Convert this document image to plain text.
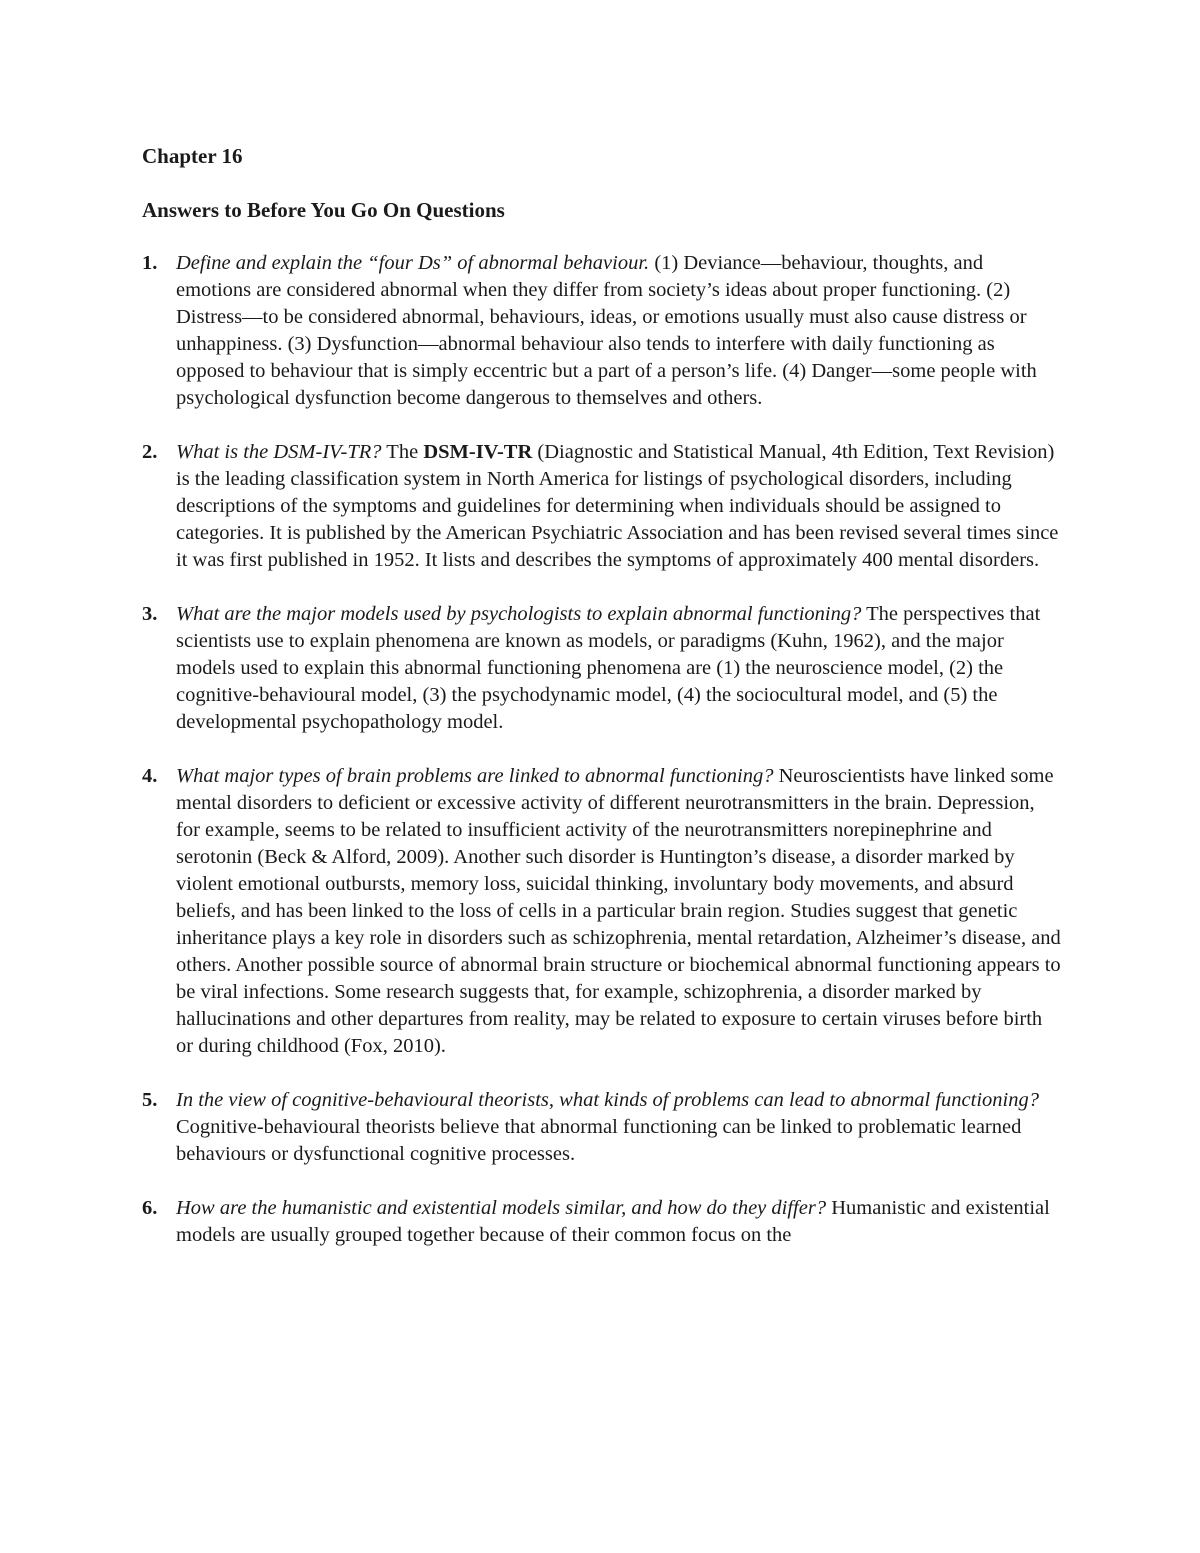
Chapter 16
Answers to Before You Go On Questions
1. Define and explain the “four Ds” of abnormal behaviour. (1) Deviance—behaviour, thoughts, and emotions are considered abnormal when they differ from society’s ideas about proper functioning. (2) Distress—to be considered abnormal, behaviours, ideas, or emotions usually must also cause distress or unhappiness. (3) Dysfunction—abnormal behaviour also tends to interfere with daily functioning as opposed to behaviour that is simply eccentric but a part of a person’s life. (4) Danger—some people with psychological dysfunction become dangerous to themselves and others.
2. What is the DSM-IV-TR? The DSM-IV-TR (Diagnostic and Statistical Manual, 4th Edition, Text Revision) is the leading classification system in North America for listings of psychological disorders, including descriptions of the symptoms and guidelines for determining when individuals should be assigned to categories. It is published by the American Psychiatric Association and has been revised several times since it was first published in 1952. It lists and describes the symptoms of approximately 400 mental disorders.
3. What are the major models used by psychologists to explain abnormal functioning? The perspectives that scientists use to explain phenomena are known as models, or paradigms (Kuhn, 1962), and the major models used to explain this abnormal functioning phenomena are (1) the neuroscience model, (2) the cognitive-behavioural model, (3) the psychodynamic model, (4) the sociocultural model, and (5) the developmental psychopathology model.
4. What major types of brain problems are linked to abnormal functioning? Neuroscientists have linked some mental disorders to deficient or excessive activity of different neurotransmitters in the brain. Depression, for example, seems to be related to insufficient activity of the neurotransmitters norepinephrine and serotonin (Beck & Alford, 2009). Another such disorder is Huntington’s disease, a disorder marked by violent emotional outbursts, memory loss, suicidal thinking, involuntary body movements, and absurd beliefs, and has been linked to the loss of cells in a particular brain region. Studies suggest that genetic inheritance plays a key role in disorders such as schizophrenia, mental retardation, Alzheimer’s disease, and others. Another possible source of abnormal brain structure or biochemical abnormal functioning appears to be viral infections. Some research suggests that, for example, schizophrenia, a disorder marked by hallucinations and other departures from reality, may be related to exposure to certain viruses before birth or during childhood (Fox, 2010).
5. In the view of cognitive-behavioural theorists, what kinds of problems can lead to abnormal functioning? Cognitive-behavioural theorists believe that abnormal functioning can be linked to problematic learned behaviours or dysfunctional cognitive processes.
6. How are the humanistic and existential models similar, and how do they differ? Humanistic and existential models are usually grouped together because of their common focus on the
